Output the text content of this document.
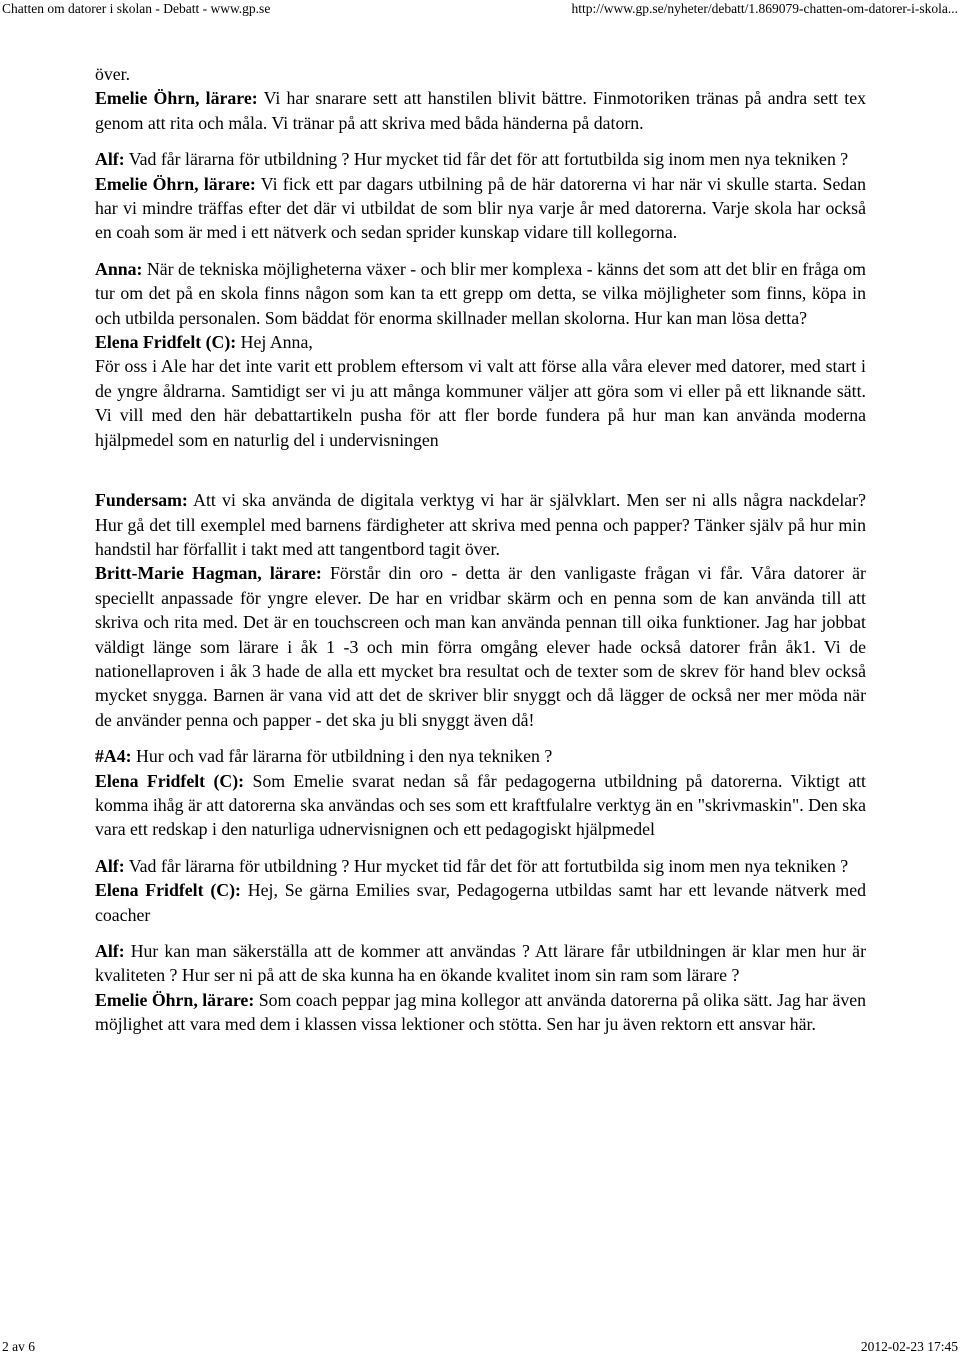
Chatten om datorer i skolan - Debatt - www.gp.se	http://www.gp.se/nyheter/debatt/1.869079-chatten-om-datorer-i-skola...

över.

Emelie Öhrn, lärare: Vi har snarare sett att hanstilen blivit bättre. Finmotoriken tränas på andra sett tex genom att rita och måla. Vi tränar på att skriva med båda händerna på datorn.

Alf: Vad får lärarna för utbildning ? Hur mycket tid får det för att fortutbilda sig inom men nya tekniken ?

Emelie Öhrn, lärare: Vi fick ett par dagars utbilning på de här datorerna vi har när vi skulle starta. Sedan har vi mindre träffas efter det där vi utbildat de som blir nya varje år med datorerna. Varje skola har också en coah som är med i ett nätverk och sedan sprider kunskap vidare till kollegorna.

Anna: När de tekniska möjligheterna växer - och blir mer komplexa - känns det som att det blir en fråga om tur om det på en skola finns någon som kan ta ett grepp om detta, se vilka möjligheter som finns, köpa in och utbilda personalen. Som bäddat för enorma skillnader mellan skolorna. Hur kan man lösa detta?

Elena Fridfelt (C): Hej Anna,

För oss i Ale har det inte varit ett problem eftersom vi valt att förse alla våra elever med datorer, med start i de yngre åldrarna. Samtidigt ser vi ju att många kommuner väljer att göra som vi eller på ett liknande sätt. Vi vill med den här debattartikeln pusha för att fler borde fundera på hur man kan använda moderna hjälpmedel som en naturlig del i undervisningen

Fundersam: Att vi ska använda de digitala verktyg vi har är självklart. Men ser ni alls några nackdelar? Hur gå det till exemplel med barnens färdigheter att skriva med penna och papper? Tänker själv på hur min handstil har förfallit i takt med att tangentbord tagit över.

Britt-Marie Hagman, lärare: Förstår din oro - detta är den vanligaste frågan vi får. Våra datorer är speciellt anpassade för yngre elever. De har en vridbar skärm och en penna som de kan använda till att skriva och rita med. Det är en touchscreen och man kan använda pennan till oika funktioner. Jag har jobbat väldigt länge som lärare i åk 1 -3 och min förra omgång elever hade också datorer från åk1. Vi de nationellaproven i åk 3 hade de alla ett mycket bra resultat och de texter som de skrev för hand blev också mycket snygga. Barnen är vana vid att det de skriver blir snyggt och då lägger de också ner mer möda när de använder penna och papper - det ska ju bli snyggt även då!

#A4: Hur och vad får lärarna för utbildning i den nya tekniken ?

Elena Fridfelt (C): Som Emelie svarat nedan så får pedagogerna utbildning på datorerna. Viktigt att komma ihåg är att datorerna ska användas och ses som ett kraftfulalre verktyg än en "skrivmaskin". Den ska vara ett redskap i den naturliga udnervisnignen och ett pedagogiskt hjälpmedel

Alf: Vad får lärarna för utbildning ? Hur mycket tid får det för att fortutbilda sig inom men nya tekniken ?

Elena Fridfelt (C): Hej, Se gärna Emilies svar, Pedagogerna utbildas samt har ett levande nätverk med coacher

Alf: Hur kan man säkerställa att de kommer att användas ? Att lärare får utbildningen är klar men hur är kvaliteten ? Hur ser ni på att de ska kunna ha en ökande kvalitet inom sin ram som lärare ?

Emelie Öhrn, lärare: Som coach peppar jag mina kollegor att använda datorerna på olika sätt. Jag har även möjlighet att vara med dem i klassen vissa lektioner och stötta. Sen har ju även rektorn ett ansvar här.

2 av 6	2012-02-23 17:45
